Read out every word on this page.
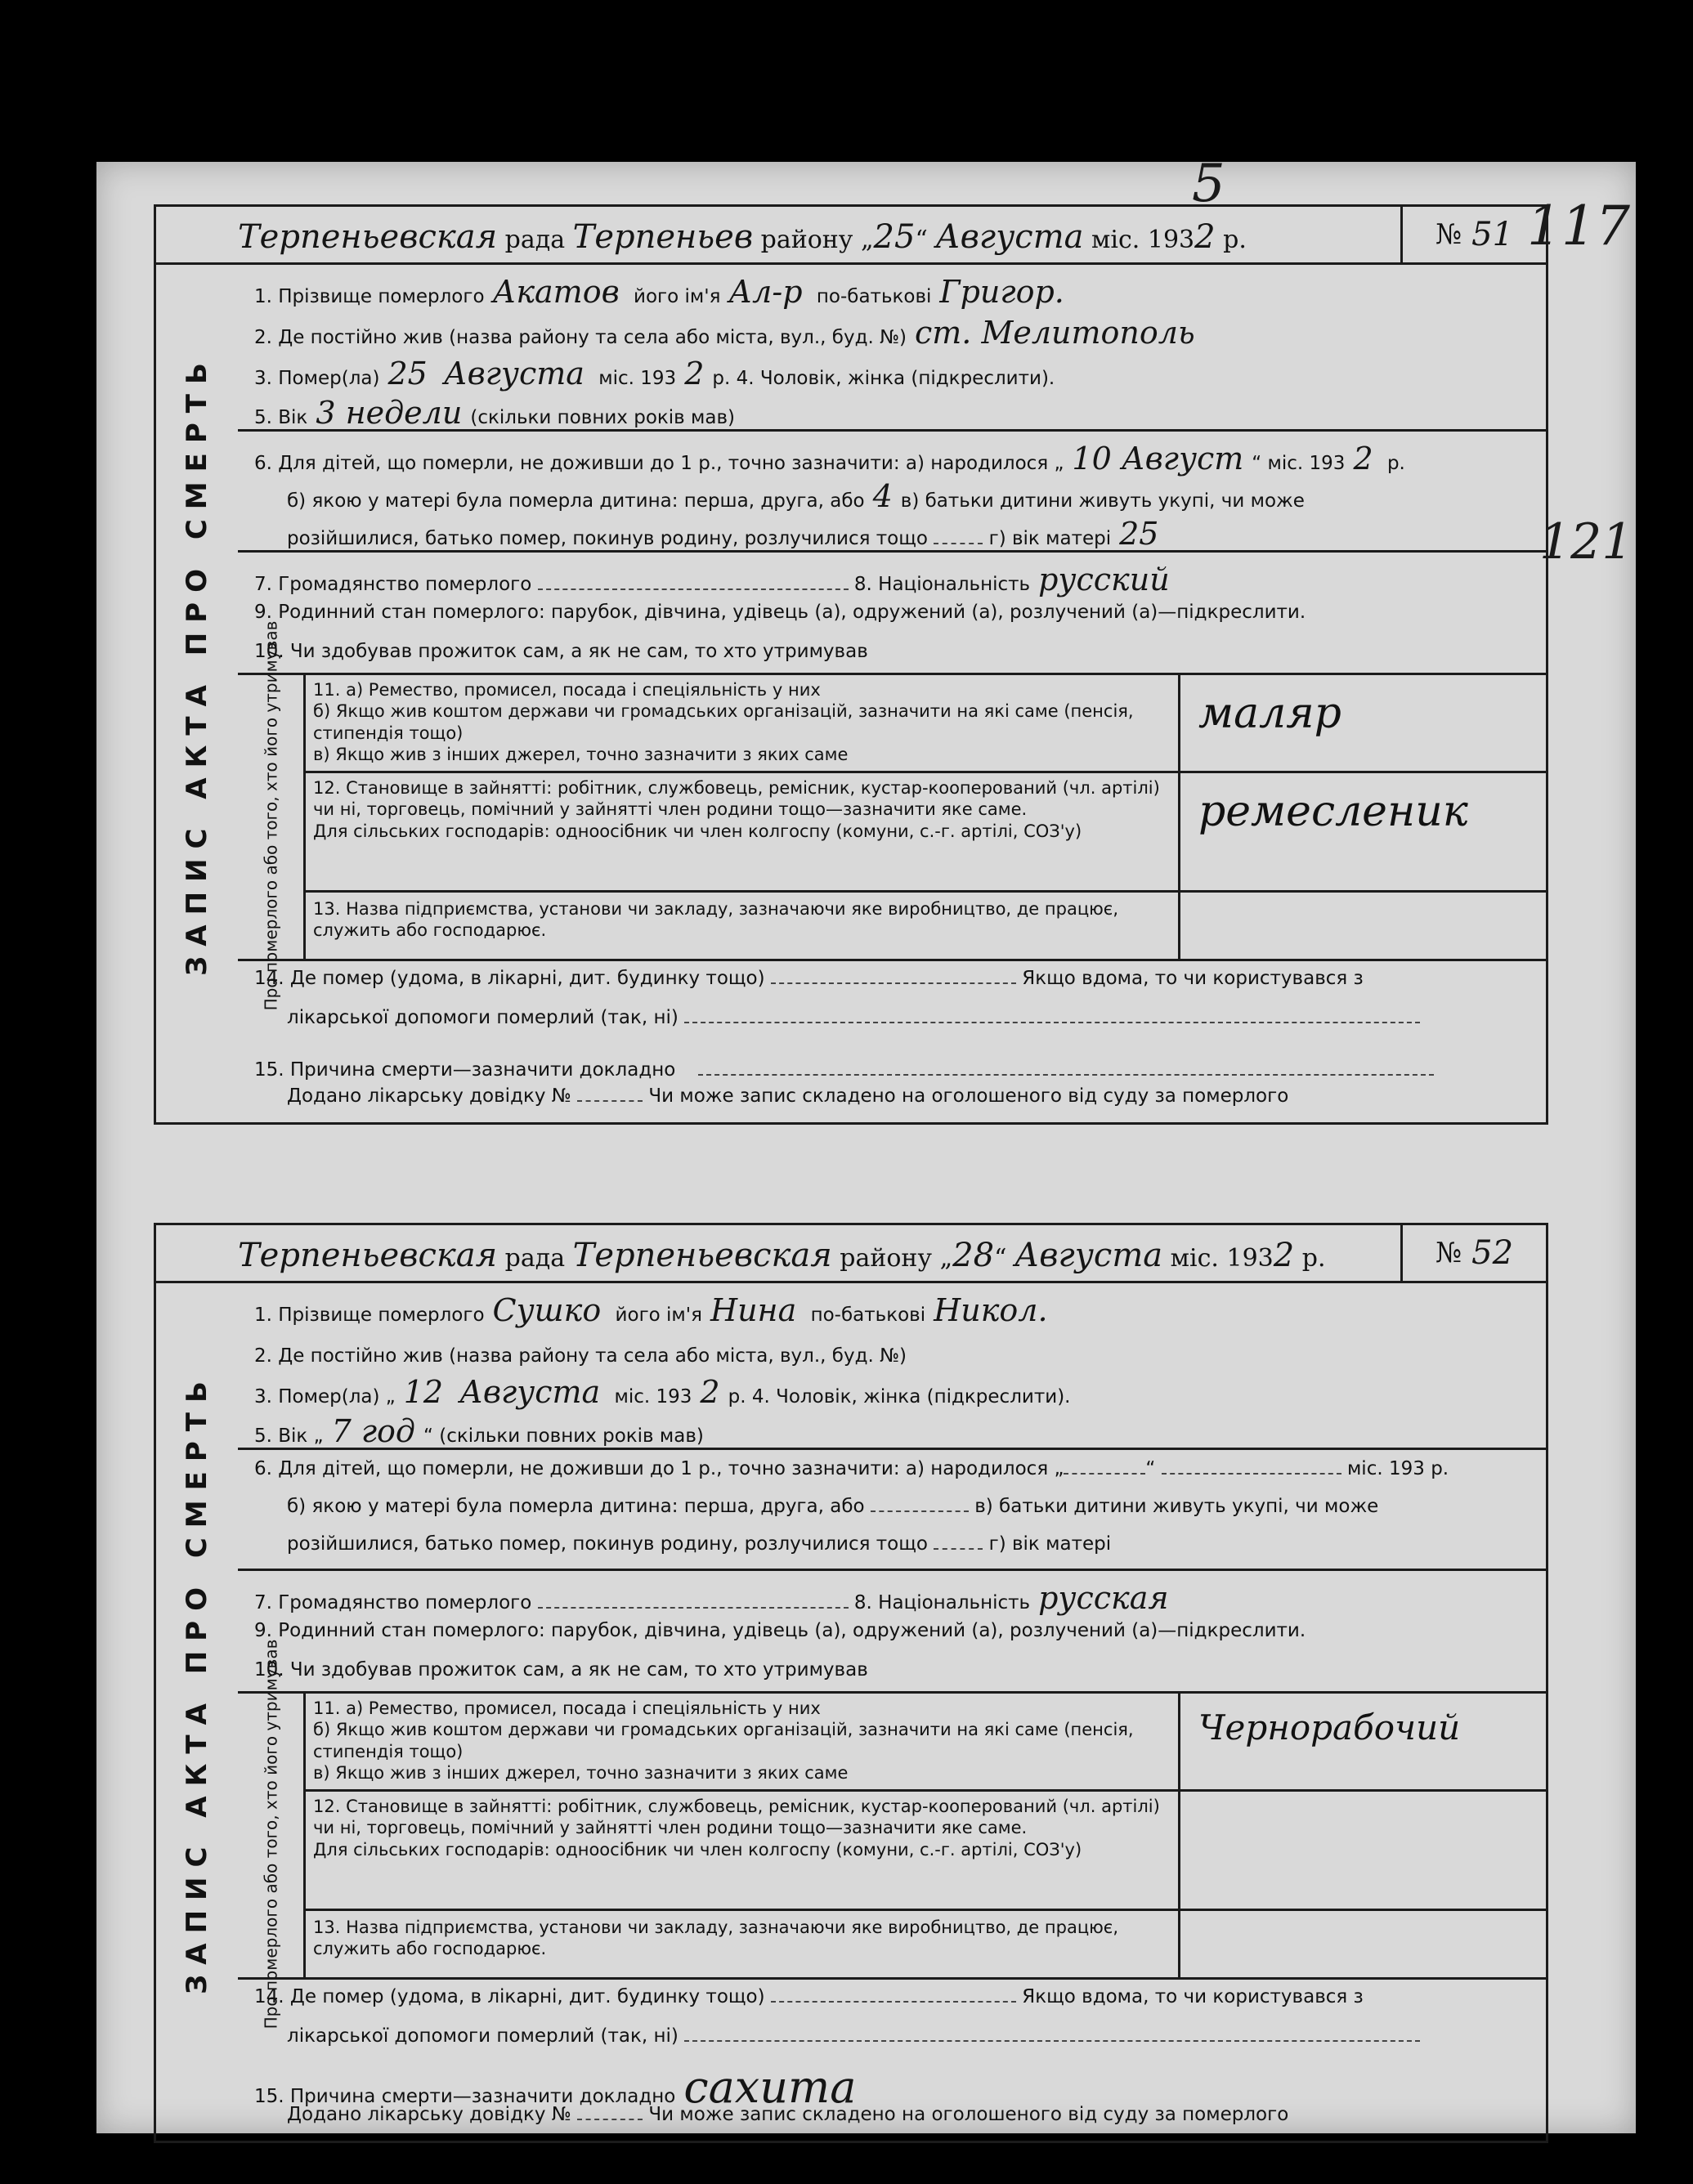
5
117
121
ЗАПИС АКТА ПРО СМЕРТЬ
Терпеньевская рада Терпеньев району „25“ Августа міс. 1932 р.	№ 51
1. Прізвище померлого Акатов його ім'я Ал-р по-батькові Григор.
2. Де постійно жив (назва району та села або міста, вул., буд. №) ст. Мелитополь
3. Помер(ла) 25 Августа міс. 193 2 р. 4. Чоловік, жінка (підкреслити).
5. Вік 3 недели (скільки повних років мав)
6. Для дітей, що померли, не доживши до 1 р., точно зазначити: а) народилося „ 10 Август “ міс. 193 2 р.
б) якою у матері була померла дитина: перша, друга, або 4 в) батьки дитини живуть укупі, чи може
розійшилися, батько помер, покинув родину, розлучилися тощо	г) вік матері 25
7. Громадянство померлого	8. Національність русский
9. Родинний стан померлого: парубок, дівчина, удівець (а), одружений (а), розлучений (а)—підкреслити.
10. Чи здобував прожиток сам, а як не сам, то хто утримував
Про померлого або того, хто його утримував	11. а) Ремество, промисел, посада і спеціяльність у них
б) Якщо жив коштом держави чи громадських організацій, зазначити на які саме (пенсія, стипендія тощо)
в) Якщо жив з інших джерел, точно зазначити з яких саме
маляр
12. Становище в зайнятті: робітник, службовець, ремісник, кустар-кооперований (чл. артілі) чи ні, торговець, помічний у зайнятті член родини тощо—зазначити яке саме.
Для сільських господарів: одноосібник чи член колгоспу (комуни, с.-г. артілі, СОЗ'у)	ремесленик
13. Назва підприємства, установи чи закладу, зазначаючи яке виробництво, де працює, служить або господарює.
14. Де помер (удома, в лікарні, дит. будинку тощо)	Якщо вдома, то чи користувався з
лікарської допомоги померлий (так, ні)
15. Причина смерти—зазначити докладно
Додано лікарську довідку №	Чи може запис складено на оголошеного від суду за померлого
ЗАПИС АКТА ПРО СМЕРТЬ
Терпеньевская рада Терпеньевская району „28“ Августа міс. 1932 р.	№ 52
1. Прізвище померлого Сушко його ім'я Нина по-батькові Никол.
2. Де постійно жив (назва району та села або міста, вул., буд. №)
3. Помер(ла) „ 12 Августа міс. 193 2 р. 4. Чоловік, жінка (підкреслити).
5. Вік „ 7 год “ (скільки повних років мав)
6. Для дітей, що померли, не доживши до 1 р., точно зазначити: а) народилося „	“	міс. 193 р.
б) якою у матері була померла дитина: перша, друга, або	в) батьки дитини живуть укупі, чи може
розійшилися, батько помер, покинув родину, розлучилися тощо	г) вік матері
7. Громадянство померлого	8. Національність русская
9. Родинний стан померлого: парубок, дівчина, удівець (а), одружений (а), розлучений (а)—підкреслити.
10. Чи здобував прожиток сам, а як не сам, то хто утримував
Про померлого або того, хто його утримував	11. а) Ремество, промисел, посада і спеціяльність у них
б) Якщо жив коштом держави чи громадських організацій, зазначити на які саме (пенсія, стипендія тощо)
в) Якщо жив з інших джерел, точно зазначити з яких саме
Чернорабочий
12. Становище в зайнятті: робітник, службовець, ремісник, кустар-кооперований (чл. артілі) чи ні, торговець, помічний у зайнятті член родини тощо—зазначити яке саме.
Для сільських господарів: одноосібник чи член колгоспу (комуни, с.-г. артілі, СОЗ'у)
13. Назва підприємства, установи чи закладу, зазначаючи яке виробництво, де працює, служить або господарює.
14. Де помер (удома, в лікарні, дит. будинку тощо)	Якщо вдома, то чи користувався з
лікарської допомоги померлий (так, ні)
15. Причина смерти—зазначити докладно сахита
Додано лікарську довідку №	Чи може запис складено на оголошеного від суду за померлого
